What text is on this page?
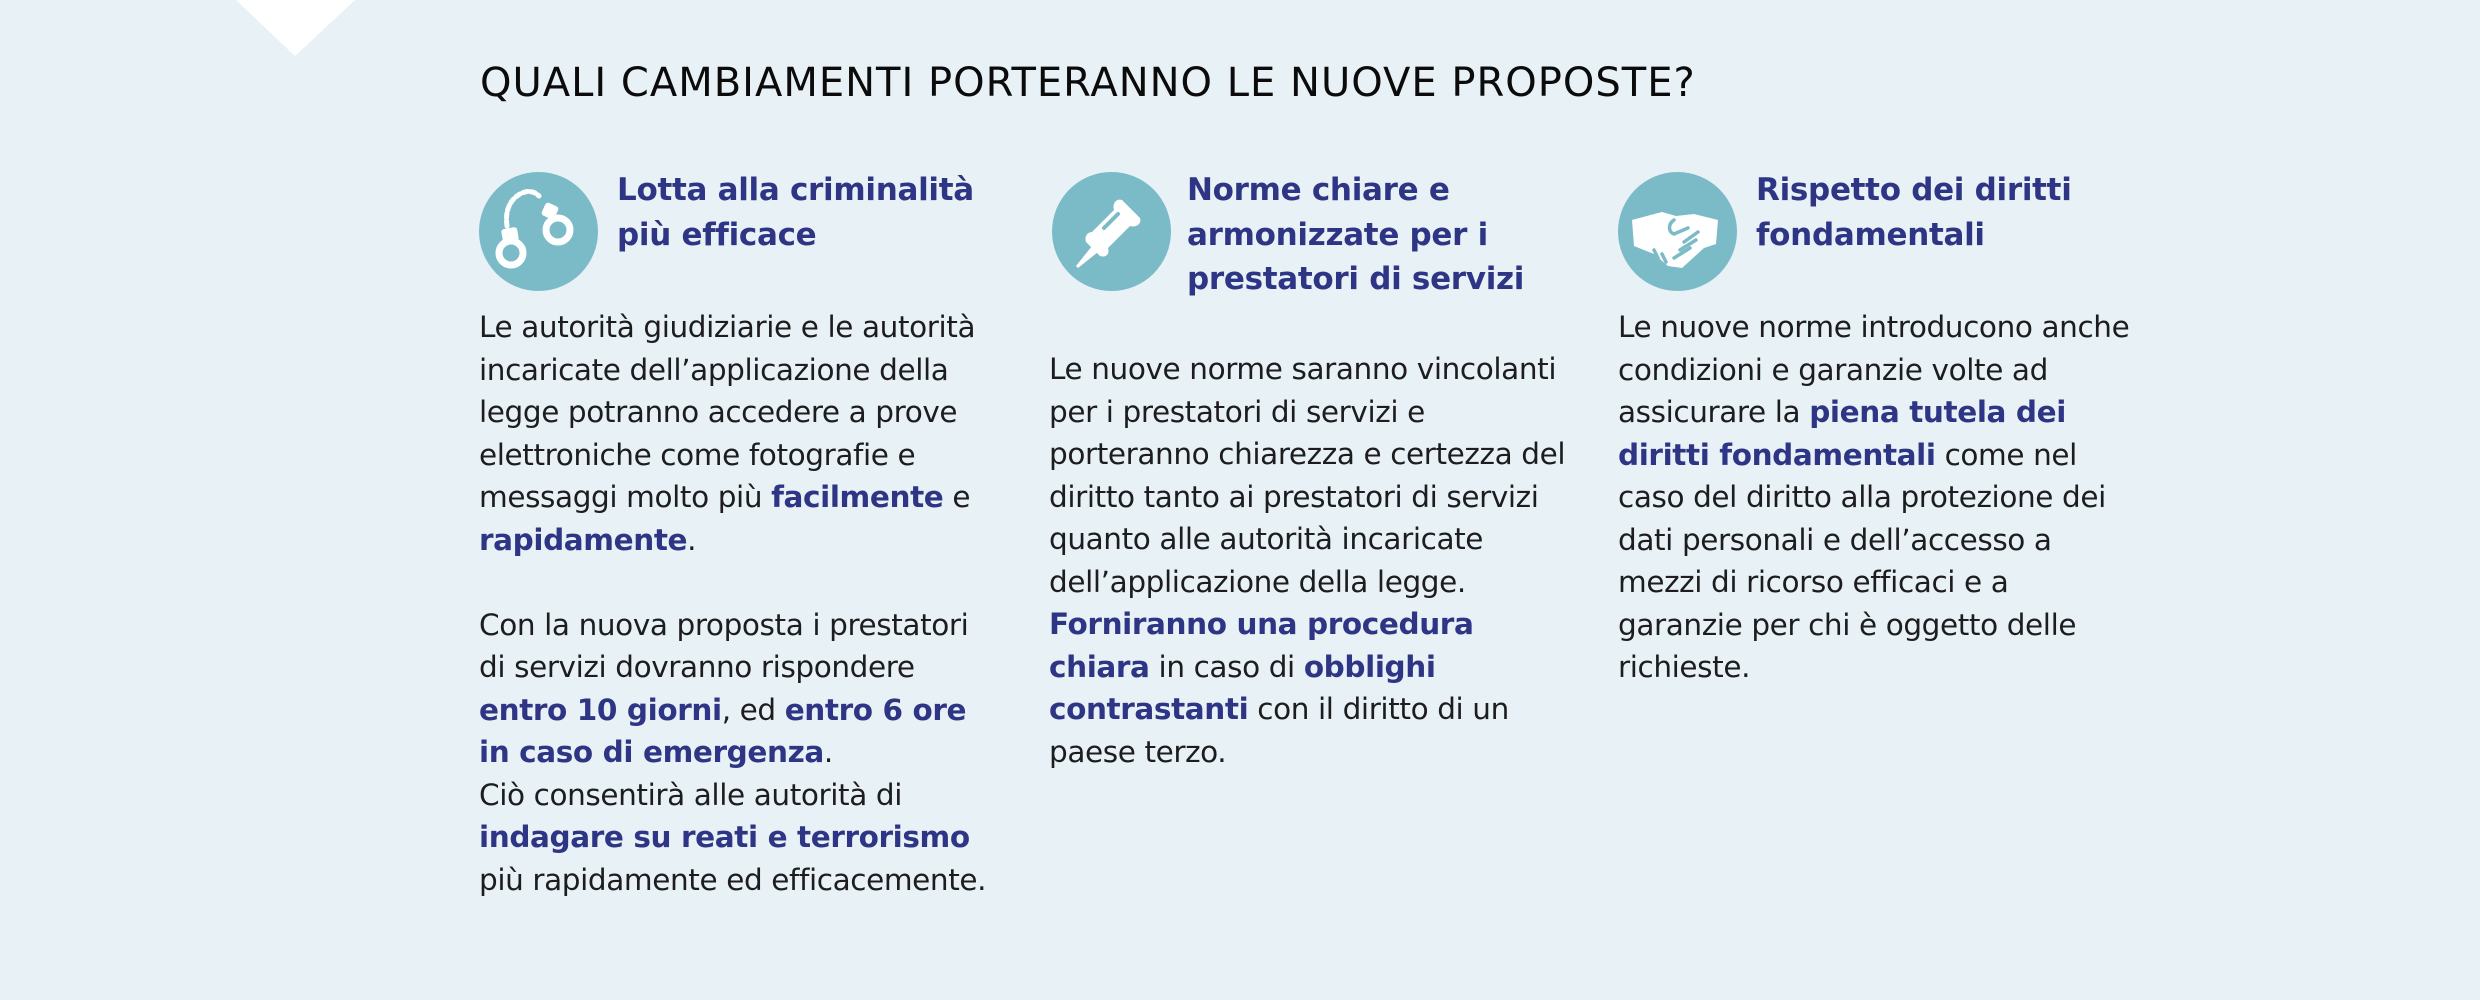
QUALI CAMBIAMENTI PORTERANNO LE NUOVE PROPOSTE?
Lotta alla criminalità più efficace

Le autorità giudiziarie e le autorità incaricate dell’applicazione della legge potranno accedere a prove elettroniche come fotografie e messaggi molto più facilmente e rapidamente.

Con la nuova proposta i prestatori di servizi dovranno rispondere entro 10 giorni, ed entro 6 ore in caso di emergenza.

Ciò consentirà alle autorità di indagare su reati e terrorismo più rapidamente ed efficacemente.

Norme chiare e armonizzate per i prestatori di servizi

Le nuove norme saranno vincolanti per i prestatori di servizi e porteranno chiarezza e certezza del diritto tanto ai prestatori di servizi quanto alle autorità incaricate dell’applicazione della legge. Forniranno una procedura chiara in caso di obblighi contrastanti con il diritto di un paese terzo.

Rispetto dei diritti fondamentali

Le nuove norme introducono anche condizioni e garanzie volte ad assicurare la piena tutela dei diritti fondamentali come nel caso del diritto alla protezione dei dati personali e dell’accesso a mezzi di ricorso efficaci e a garanzie per chi è oggetto delle richieste.
